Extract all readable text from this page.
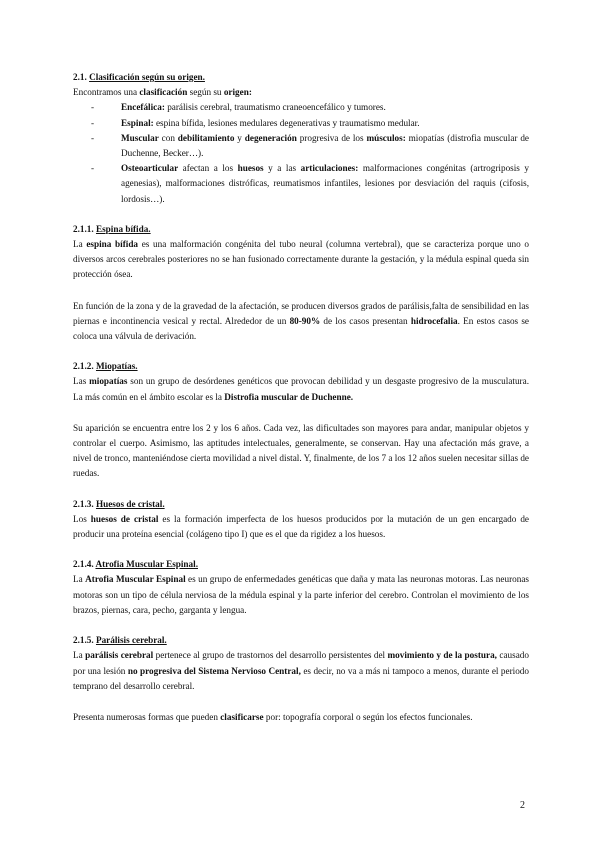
2.1. Clasificación según su origen.

Encontramos una clasificación según su origen:

-	Encefálica: parálisis cerebral, traumatismo craneoencefálico y tumores.
-	Espinal: espina bífida, lesiones medulares degenerativas y traumatismo medular.
-	Muscular con debilitamiento y degeneración progresiva de los músculos: miopatías (distrofia muscular de Duchenne, Becker…).
-	Osteoarticular afectan a los huesos y a las articulaciones: malformaciones congénitas (artrogriposis y agenesias), malformaciones distróficas, reumatismos infantiles, lesiones por desviación del raquis (cifosis, lordosis…).

2.1.1. Espina bífida.

La espina bífida es una malformación congénita del tubo neural (columna vertebral), que se caracteriza porque uno o diversos arcos cerebrales posteriores no se han fusionado correctamente durante la gestación, y la médula espinal queda sin protección ósea.

En función de la zona y de la gravedad de la afectación, se producen diversos grados de parálisis,falta de sensibilidad en las piernas e incontinencia vesical y rectal. Alrededor de un 80-90% de los casos presentan hidrocefalia. En estos casos se coloca una válvula de derivación.

2.1.2. Miopatías.

Las miopatías son un grupo de desórdenes genéticos que provocan debilidad y un desgaste progresivo de la musculatura. La más común en el ámbito escolar es la Distrofia muscular de Duchenne.

Su aparición se encuentra entre los 2 y los 6 años. Cada vez, las dificultades son mayores para andar, manipular objetos y controlar el cuerpo. Asimismo, las aptitudes intelectuales, generalmente, se conservan. Hay una afectación más grave, a nivel de tronco, manteniéndose cierta movilidad a nivel distal. Y, finalmente, de los 7 a los 12 años suelen necesitar sillas de ruedas.

2.1.3. Huesos de cristal.

Los huesos de cristal es la formación imperfecta de los huesos producidos por la mutación de un gen encargado de producir una proteína esencial (colágeno tipo I) que es el que da rigidez a los huesos.

2.1.4. Atrofia Muscular Espinal.

La Atrofia Muscular Espinal es un grupo de enfermedades genéticas que daña y mata las neuronas motoras. Las neuronas motoras son un tipo de célula nerviosa de la médula espinal y la parte inferior del cerebro. Controlan el movimiento de los brazos, piernas, cara, pecho, garganta y lengua.

2.1.5. Parálisis cerebral.

La parálisis cerebral pertenece al grupo de trastornos del desarrollo persistentes del movimiento y de la postura, causado por una lesión no progresiva del Sistema Nervioso Central, es decir, no va a más ni tampoco a menos, durante el periodo temprano del desarrollo cerebral.

Presenta numerosas formas que pueden clasificarse por: topografía corporal o según los efectos funcionales.

2
